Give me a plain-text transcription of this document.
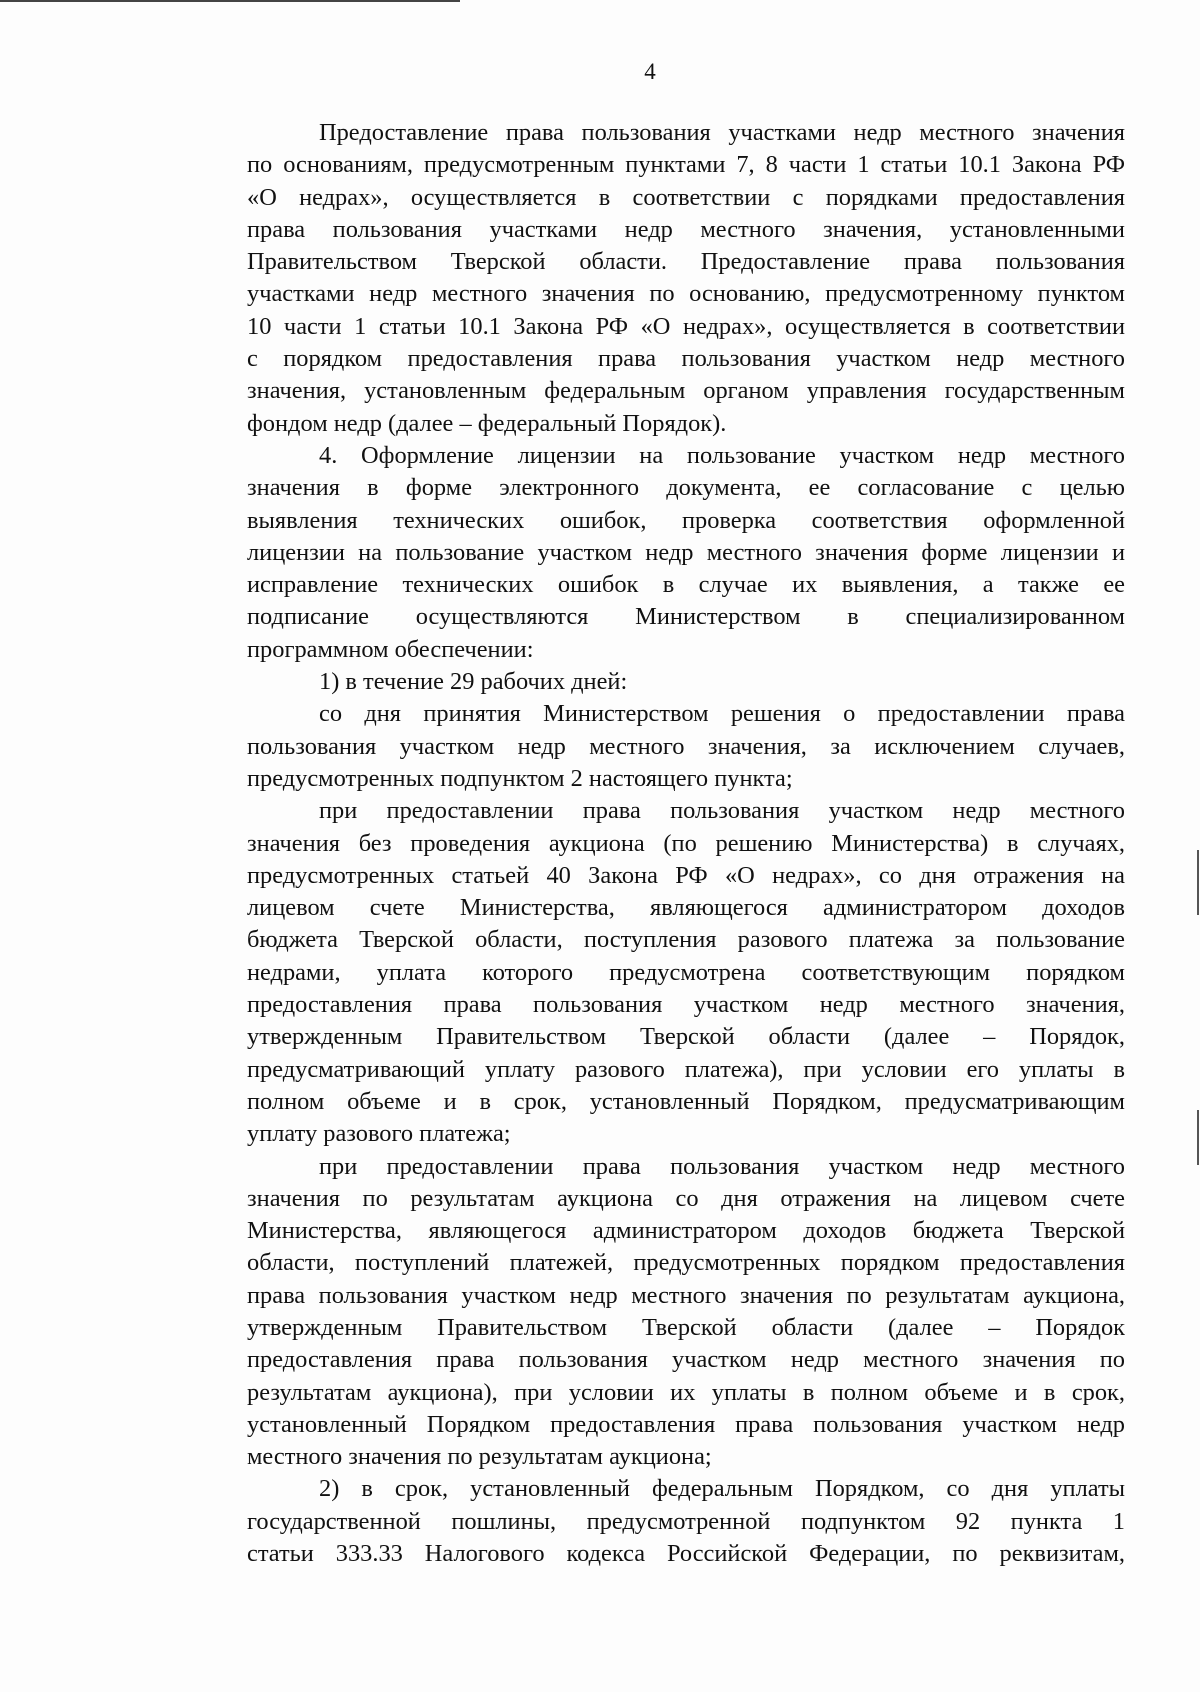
4
Предоставление права пользования участками недр местного значения
по основаниям, предусмотренным пунктами 7, 8 части 1 статьи 10.1 Закона РФ
«О недрах», осуществляется в соответствии с порядками предоставления
права пользования участками недр местного значения, установленными
Правительством Тверской области. Предоставление права пользования
участками недр местного значения по основанию, предусмотренному пунктом
10 части 1 статьи 10.1 Закона РФ «О недрах», осуществляется в соответствии
с порядком предоставления права пользования участком недр местного
значения, установленным федеральным органом управления государственным
фондом недр (далее – федеральный Порядок).
4. Оформление лицензии на пользование участком недр местного
значения в форме электронного документа, ее согласование с целью
выявления технических ошибок, проверка соответствия оформленной
лицензии на пользование участком недр местного значения форме лицензии и
исправление технических ошибок в случае их выявления, а также ее
подписание осуществляются Министерством в специализированном
программном обеспечении:
1) в течение 29 рабочих дней:
со дня принятия Министерством решения о предоставлении права
пользования участком недр местного значения, за исключением случаев,
предусмотренных подпунктом 2 настоящего пункта;
при предоставлении права пользования участком недр местного
значения без проведения аукциона (по решению Министерства) в случаях,
предусмотренных статьей 40 Закона РФ «О недрах», со дня отражения на
лицевом счете Министерства, являющегося администратором доходов
бюджета Тверской области, поступления разового платежа за пользование
недрами, уплата которого предусмотрена соответствующим порядком
предоставления права пользования участком недр местного значения,
утвержденным Правительством Тверской области (далее – Порядок,
предусматривающий уплату разового платежа), при условии его уплаты в
полном объеме и в срок, установленный Порядком, предусматривающим
уплату разового платежа;
при предоставлении права пользования участком недр местного
значения по результатам аукциона со дня отражения на лицевом счете
Министерства, являющегося администратором доходов бюджета Тверской
области, поступлений платежей, предусмотренных порядком предоставления
права пользования участком недр местного значения по результатам аукциона,
утвержденным Правительством Тверской области (далее – Порядок
предоставления права пользования участком недр местного значения по
результатам аукциона), при условии их уплаты в полном объеме и в срок,
установленный Порядком предоставления права пользования участком недр
местного значения по результатам аукциона;
2) в срок, установленный федеральным Порядком, со дня уплаты
государственной пошлины, предусмотренной подпунктом 92 пункта 1
статьи 333.33 Налогового кодекса Российской Федерации, по реквизитам,
